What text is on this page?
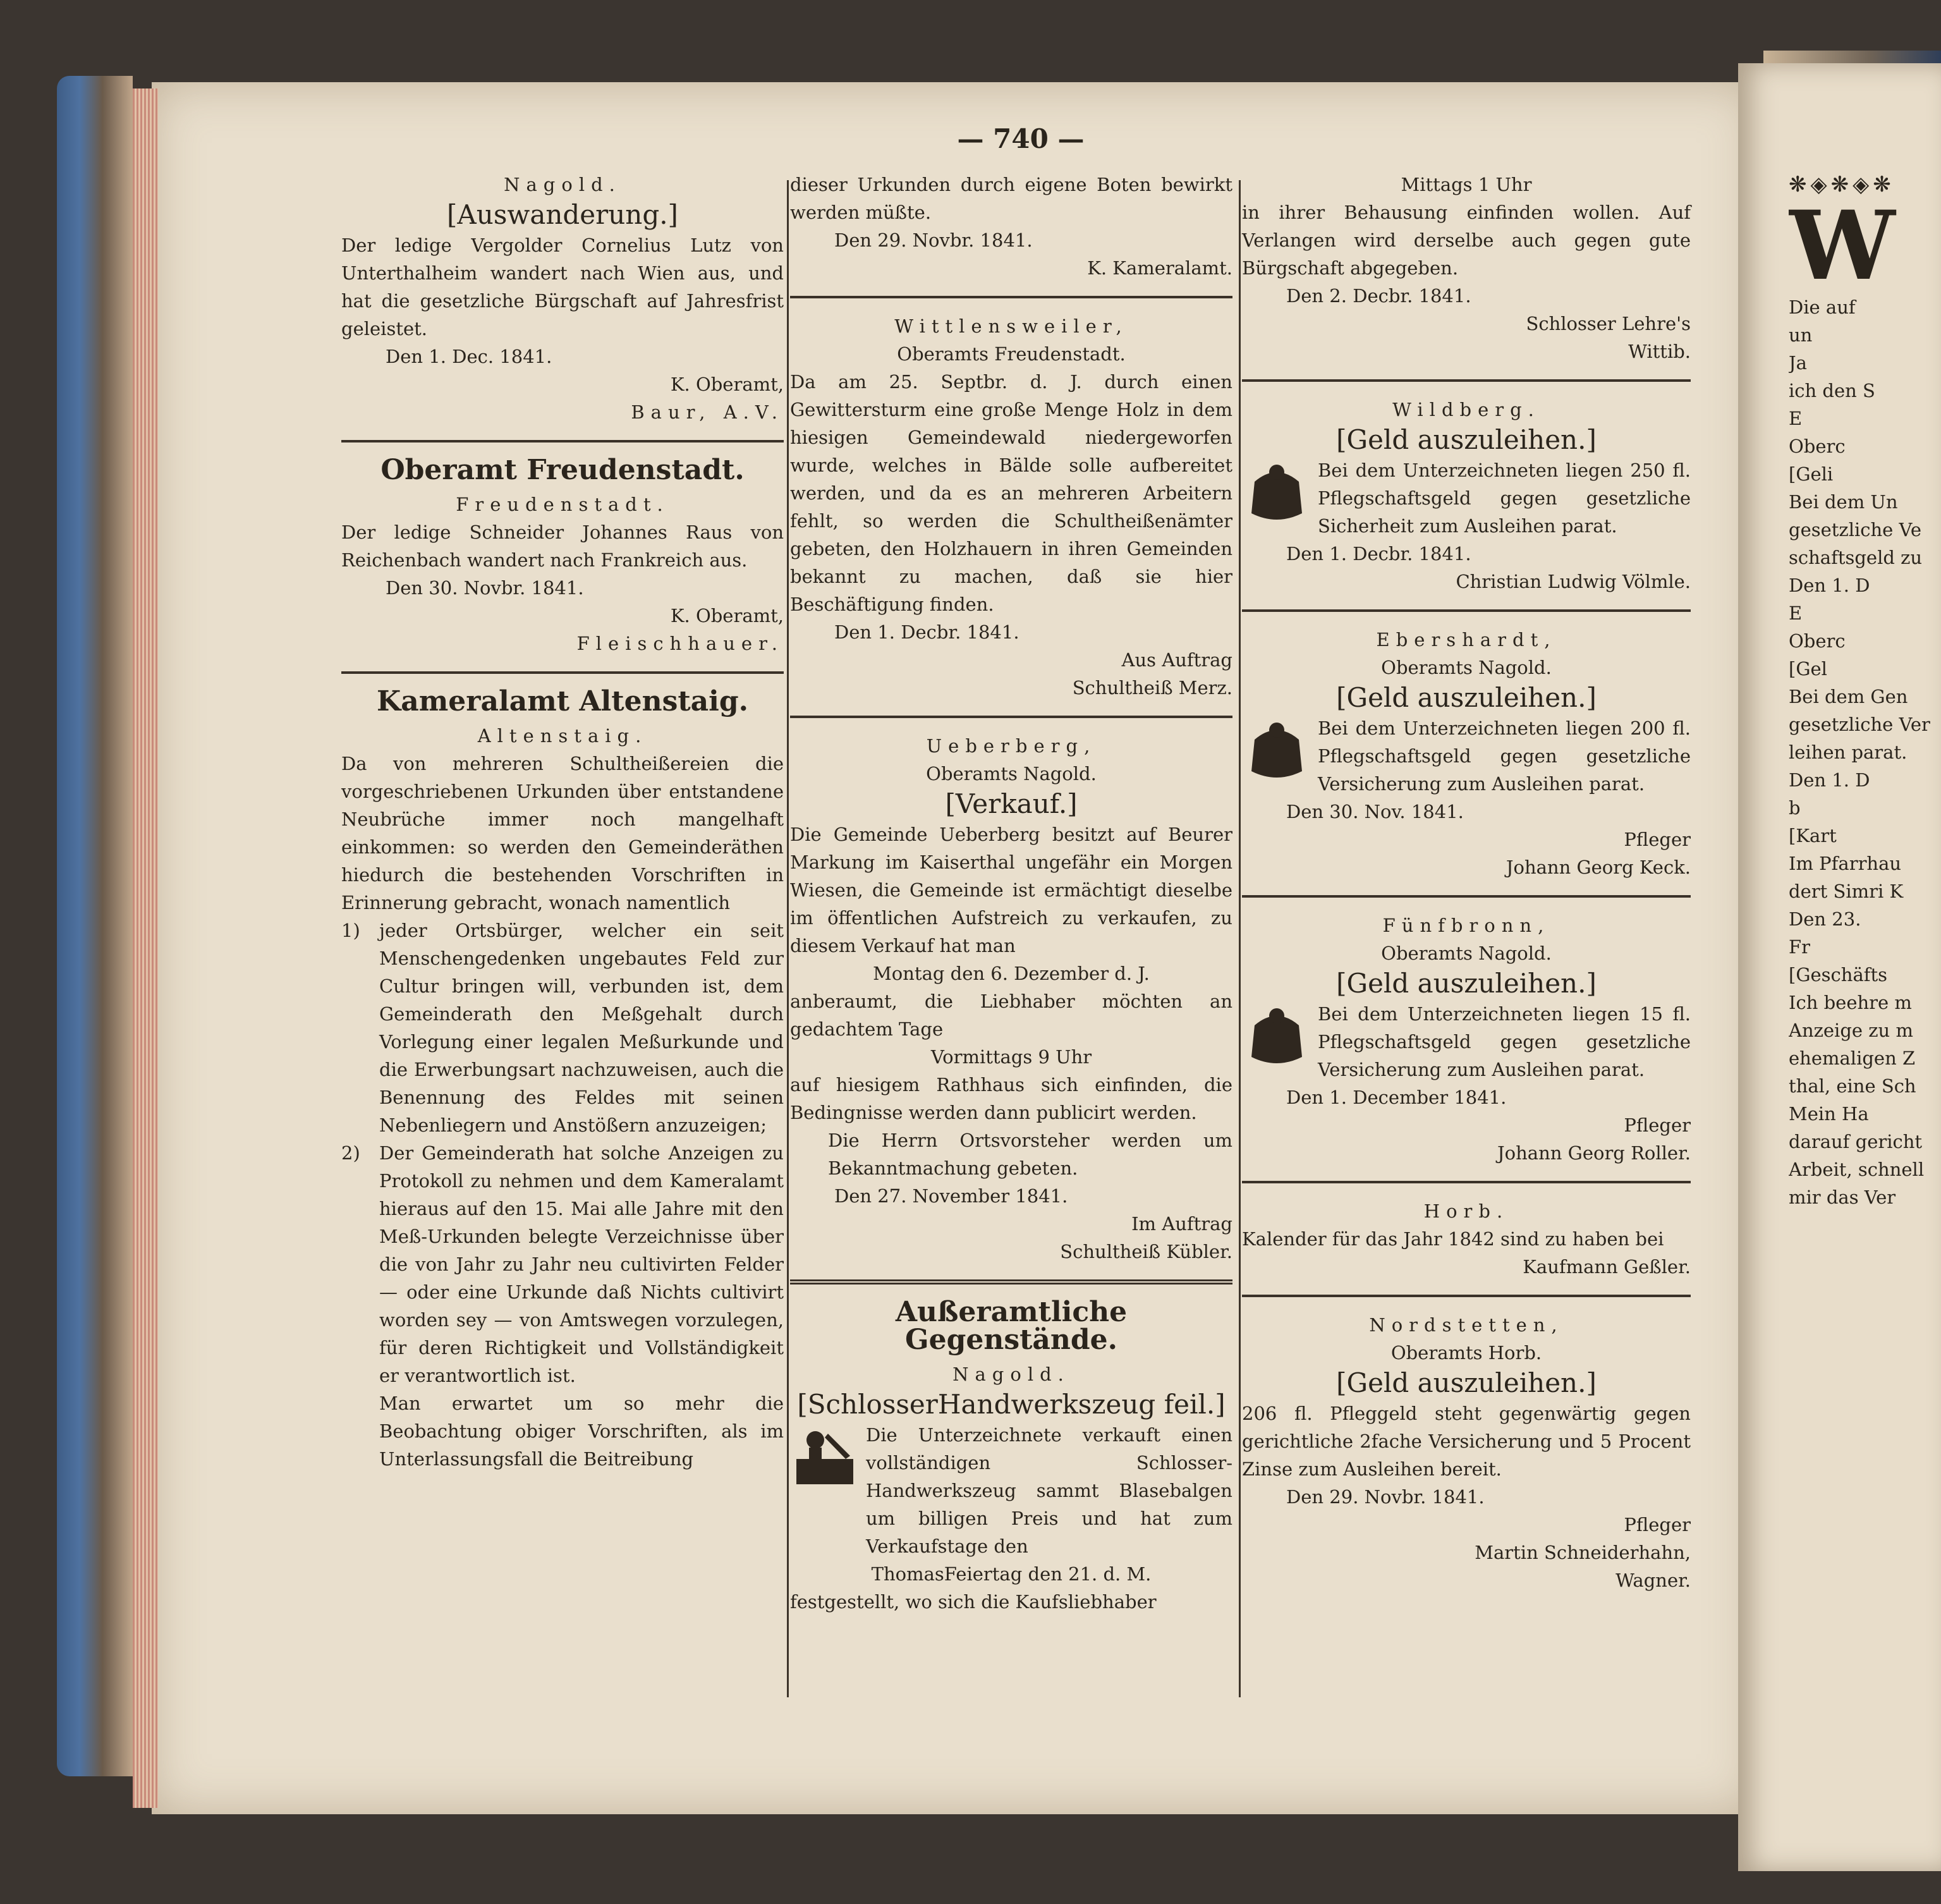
— 740 —
Nagold.
[Auswanderung.]
Der ledige Vergolder Cornelius Lutz von Unterthalheim wandert nach Wien aus, und hat die gesetzliche Bürgschaft auf Jahresfrist geleistet.
Den 1. Dec. 1841.
K. Oberamt,
Baur, A.V.
Oberamt Freudenstadt.
Freudenstadt.
Der ledige Schneider Johannes Raus von Reichenbach wandert nach Frankreich aus.
Den 30. Novbr. 1841.
K. Oberamt,
Fleischhauer.
Kameralamt Altenstaig.
Altenstaig.
Da von mehreren Schultheißereien die vorgeschriebenen Urkunden über entstandene Neubrüche immer noch mangelhaft einkommen: so werden den Gemeinderäthen hiedurch die bestehenden Vorschriften in Erinnerung gebracht, wonach namentlich
1)	jeder Ortsbürger, welcher ein seit Menschengedenken ungebautes Feld zur Cultur bringen will, verbunden ist, dem Gemeinderath den Meßgehalt durch Vorlegung einer legalen Meßurkunde und die Erwerbungsart nachzuweisen, auch die Benennung des Feldes mit seinen Nebenliegern und Anstößern anzuzeigen;
2)	Der Gemeinderath hat solche Anzeigen zu Protokoll zu nehmen und dem Kameralamt hieraus auf den 15. Mai alle Jahre mit den Meß-Urkunden belegte Verzeichnisse über die von Jahr zu Jahr neu cultivirten Felder — oder eine Urkunde daß Nichts cultivirt worden sey — von Amtswegen vorzulegen, für deren Richtigkeit und Vollständigkeit er verantwortlich ist.
Man erwartet um so mehr die Beobachtung obiger Vorschriften, als im Unterlassungsfall die Beitreibung
dieser Urkunden durch eigene Boten bewirkt werden müßte.
Den 29. Novbr. 1841.
K. Kameralamt.
Wittlensweiler,
Oberamts Freudenstadt.
Da am 25. Septbr. d. J. durch einen Gewittersturm eine große Menge Holz in dem hiesigen Gemeindewald niedergeworfen wurde, welches in Bälde solle aufbereitet werden, und da es an mehreren Arbeitern fehlt, so werden die Schultheißenämter gebeten, den Holzhauern in ihren Gemeinden bekannt zu machen, daß sie hier Beschäftigung finden.
Den 1. Decbr. 1841.
Aus Auftrag
Schultheiß Merz.
Ueberberg,
Oberamts Nagold.
[Verkauf.]
Die Gemeinde Ueberberg besitzt auf Beurer Markung im Kaiserthal ungefähr ein Morgen Wiesen, die Gemeinde ist ermächtigt dieselbe im öffentlichen Aufstreich zu verkaufen, zu diesem Verkauf hat man
Montag den 6. Dezember d. J.
anberaumt, die Liebhaber möchten an gedachtem Tage
Vormittags 9 Uhr
auf hiesigem Rathhaus sich einfinden, die Bedingnisse werden dann publicirt werden.
Die Herrn Ortsvorsteher werden um Bekanntmachung gebeten.
Den 27. November 1841.
Im Auftrag
Schultheiß Kübler.
Außeramtliche Gegenstände.
Nagold.
[SchlosserHandwerkszeug feil.]
Die Unterzeichnete verkauft einen vollständigen Schlosser-Handwerkszeug sammt Blasebalgen um billigen Preis und hat zum Verkaufstage den
ThomasFeiertag den 21. d. M.
festgestellt, wo sich die Kaufsliebhaber
Mittags 1 Uhr
in ihrer Behausung einfinden wollen. Auf Verlangen wird derselbe auch gegen gute Bürgschaft abgegeben.
Den 2. Decbr. 1841.
Schlosser Lehre's
Wittib.
Wildberg.
[Geld auszuleihen.]
Bei dem Unterzeichneten liegen 250 fl. Pflegschaftsgeld gegen gesetzliche Sicherheit zum Ausleihen parat.
Den 1. Decbr. 1841.
Christian Ludwig Völmle.
Ebershardt,
Oberamts Nagold.
[Geld auszuleihen.]
Bei dem Unterzeichneten liegen 200 fl. Pflegschaftsgeld gegen gesetzliche Versicherung zum Ausleihen parat.
Den 30. Nov. 1841.
Pfleger
Johann Georg Keck.
Fünfbronn,
Oberamts Nagold.
[Geld auszuleihen.]
Bei dem Unterzeichneten liegen 15 fl. Pflegschaftsgeld gegen gesetzliche Versicherung zum Ausleihen parat.
Den 1. December 1841.
Pfleger
Johann Georg Roller.
Horb.
Kalender für das Jahr 1842 sind zu haben bei
Kaufmann Geßler.
Nordstetten,
Oberamts Horb.
[Geld auszuleihen.]
206 fl. Pfleggeld steht gegenwärtig gegen gerichtliche 2fache Versicherung und 5 Procent Zinse zum Ausleihen bereit.
Den 29. Novbr. 1841.
Pfleger
Martin Schneiderhahn,
Wagner.
❋◈❋◈❋
W
Die auf
un
Ja
ich den S
E
Oberc
[Geli
Bei dem Un
gesetzliche Ve
schaftsgeld zu
Den 1. D
E
Oberc
[Gel
Bei dem Gen
gesetzliche Ver
leihen parat.
Den 1. D
b
[Kart
Im Pfarrhau
dert Simri K
Den 23.
Fr
[Geschäfts
Ich beehre m
Anzeige zu m
ehemaligen Z
thal, eine Sch
Mein Ha
darauf gericht
Arbeit, schnell
mir das Ver
